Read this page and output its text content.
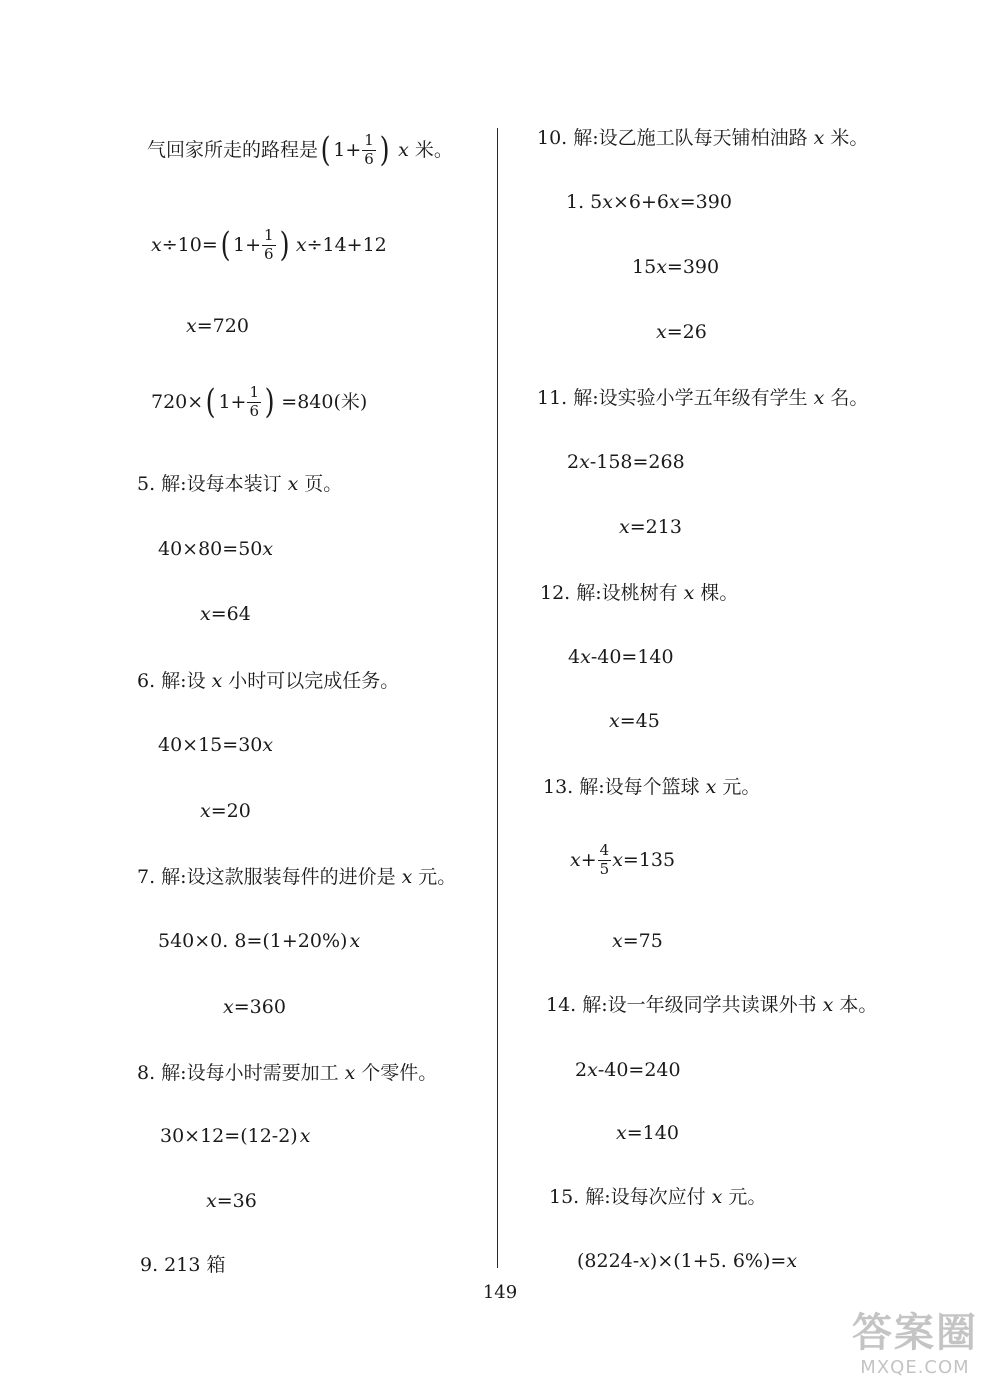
气回家所走的路程是 ( $1+ \frac{1}{6}$ ) x 米。
x ÷10= ( $1+ \frac{1}{6}$ ) x ÷14+12
x =720
720× ( $1+ \frac{1}{6}$ ) =840(米)
5. 解:设每本装订 x 页。
40×80=50 x
x =64
6. 解:设 x 小时可以完成任务。
40×15=30 x
x =20
7. 解:设这款服装每件的进价是 x 元。
540×0. 8=(1+20%) x
x =360
8. 解:设每小时需要加工 x 个零件。
30×12=(12-2) x
x =36
9. 213 箱
10. 解:设乙施工队每天铺柏油路 x 米。
1. 5 x ×6+6 x =390
15 x =390
x =26
11. 解:设实验小学五年级有学生 x 名。
2 x -158=268
x =213
12. 解:设桃树有 x 棵。
4 x -40=140
x =45
13. 解:设每个篮球 x 元。
$x + \frac{4}{5}$ x =135
x =75
14. 解:设一年级同学共读课外书 x 本。
2 x -40=240
x =140
15. 解:设每次应付 x 元。
(8224- x )×(1+5. 6%)= x
149
答案圈
MXQE.COM
